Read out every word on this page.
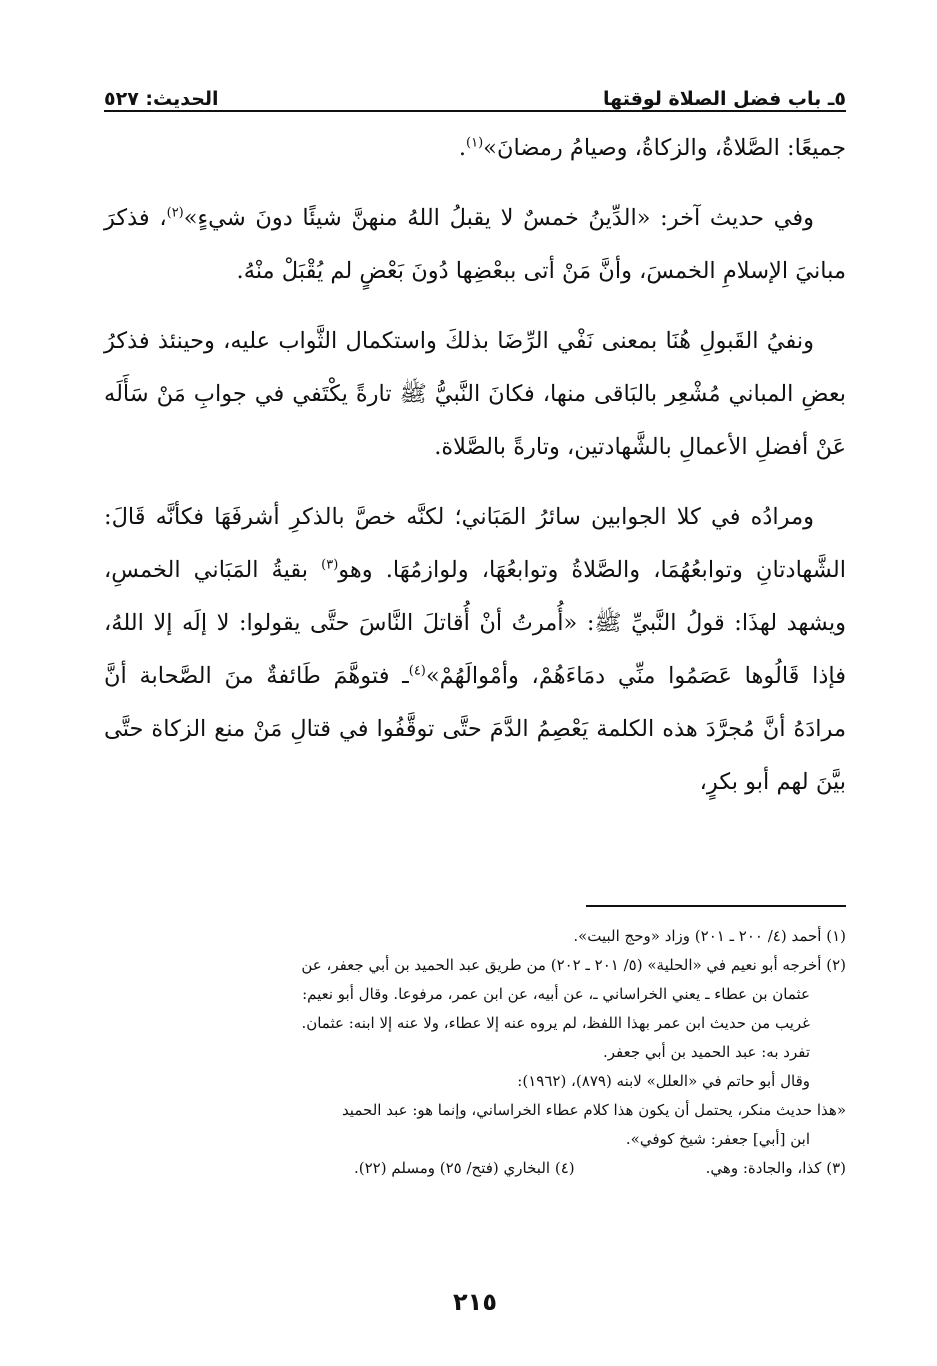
الحديث: ٥٢٧	٥ـ باب فضل الصلاة لوقتها

جميعًا: الصَّلاةُ، والزكاةُ، وصيامُ رمضانَ»$^{(١)}$.

وفي حديث آخر: «الدِّينُ خمسٌ لا يقبلُ اللهُ منهنَّ شيئًا دونَ شيءٍ»$^{(٢)}$، فذكرَ مبانيَ الإسلامِ الخمسَ، وأنَّ مَنْ أتى ببعْضِها دُونَ بَعْضٍ لم يُقْبَلْ منْهُ.

ونفيُ القَبولِ هُنَا بمعنى نَفْي الرِّضَا بذلكَ واستكمال الثَّواب عليه، وحينئذ فذكرُ بعضِ المباني مُشْعِر بالبَاقى منها، فكانَ النَّبيُّ ﷺ تارةً يكْتَفي في جوابِ مَنْ سَأَلَه عَنْ أفضلِ الأعمالِ بالشَّهادتين، وتارةً بالصَّلاة.

ومرادُه في كلا الجوابين سائرُ المَبَاني؛ لكنَّه خصَّ بالذكرِ أشرفَهَا فكأنَّه قَالَ: الشَّهادتانِ وتوابعُهُمَا، والصَّلاةُ وتوابعُهَا، ولوازمُهَا. وهو$^{(٣)}$ بقيةُ المَبَاني الخمسِ، ويشهد لهذَا: قولُ النَّبيِّ ﷺ: «أُمرتُ أنْ أُقاتلَ النَّاسَ حتَّى يقولوا: لا إلَه إلا اللهُ، فإذا قَالُوها عَصَمُوا منِّي دمَاءَهُمْ، وأمْوالَهُمْ»$^{(٤)}$ـ فتوهَّمَ طَائفةٌ منَ الصَّحابة أنَّ مرادَهُ أنَّ مُجرَّدَ هذه الكلمة يَعْصِمُ الدَّمَ حتَّى توقَّفُوا في قتالِ مَنْ منع الزكاة حتَّى بيَّنَ لهم أبو بكرٍ،

(١) أحمد (٤/ ٢٠٠ ـ ٢٠١) وزاد «وحج البيت».

(٢) أخرجه أبو نعيم في «الحلية» (٥/ ٢٠١ ـ ٢٠٢) من طريق عبد الحميد بن أبي جعفر، عن

عثمان بن عطاء ـ يعني الخراساني ـ، عن أبيه، عن ابن عمر، مرفوعا. وقال أبو نعيم:

غريب من حديث ابن عمر بهذا اللفظ، لم يروه عنه إلا عطاء، ولا عنه إلا ابنه: عثمان.

تفرد به: عبد الحميد بن أبي جعفر.

وقال أبو حاتم في «العلل» لابنه (٨٧٩)، (١٩٦٢):

«هذا حديث منكر، يحتمل أن يكون هذا كلام عطاء الخراساني، وإنما هو: عبد الحميد

ابن [أبي] جعفر: شيخ كوفي».

(٣) كذا، والجادة: وهي.
(٤) البخاري (فتح/ ٢٥) ومسلم (٢٢).
٢١٥
